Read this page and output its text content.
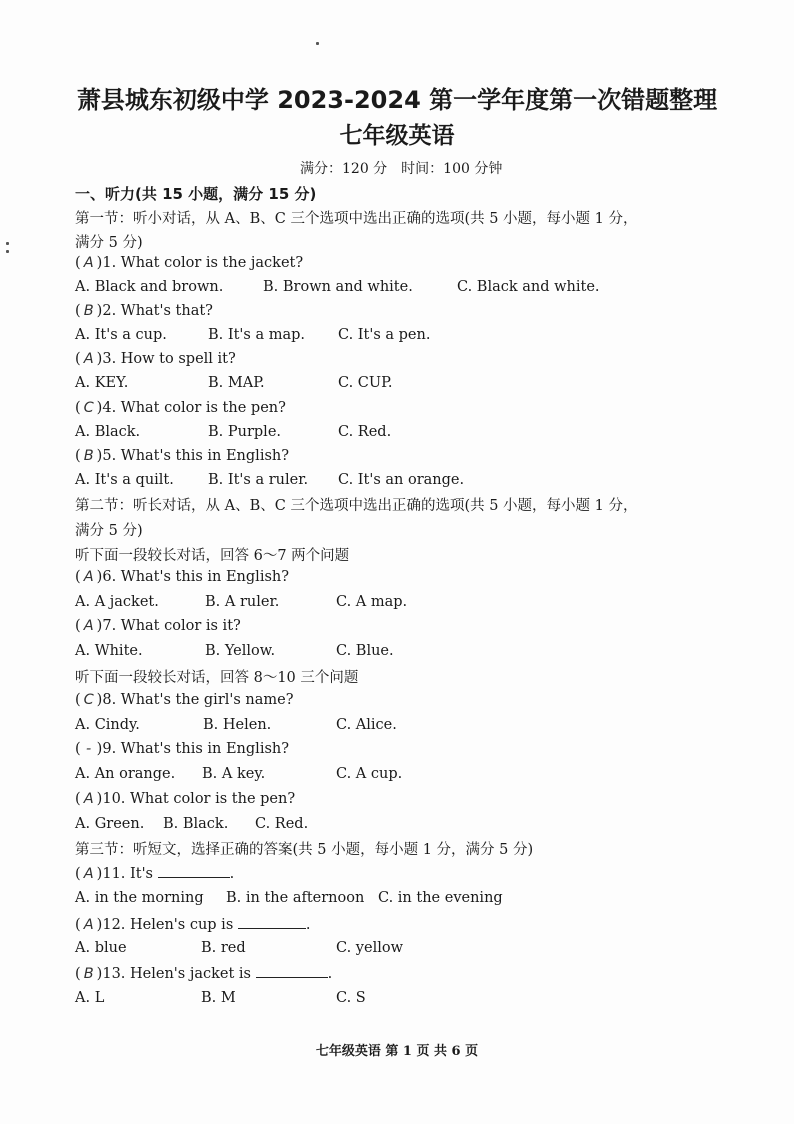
萧县城东初级中学 2023-2024 第一学年度第一次错题整理
七年级英语
满分：120 分　时间：100 分钟
一、听力(共 15 小题，满分 15 分)
第一节：听小对话，从 A、B、C 三个选项中选出正确的选项(共 5 小题，每小题 1 分，
满分 5 分)
( A )1. What color is the jacket?
A. Black and brown.	B. Brown and white.	C. Black and white.
( B )2. What's that?
A. It's a cup.	B. It's a map. C. It's a pen.
( A )3. How to spell it?
A. KEY.	B. MAP.	C. CUP.
( C )4. What color is the pen?
A. Black.	B. Purple.	C. Red.
( B )5. What's this in English?
A. It's a quilt. B. It's a ruler. C. It's an orange.
第二节：听长对话，从 A、B、C 三个选项中选出正确的选项(共 5 小题，每小题 1 分，
满分 5 分)
听下面一段较长对话，回答 6～7 两个问题
( A )6. What's this in English?
A. A jacket.	B. A ruler.	C. A map.
( A )7. What color is it?
A. White.	B. Yellow.	C. Blue.
听下面一段较长对话，回答 8～10 三个问题
( C )8. What's the girl's name?
A. Cindy.	B. Helen.	C. Alice.
( - )9. What's this in English?
A. An orange. B. A key.	C. A cup.
( A )10. What color is the pen?
A. Green. B. Black. C. Red.
第三节：听短文，选择正确的答案(共 5 小题，每小题 1 分，满分 5 分)
( A )11. It's	.
A. in the morning B. in the afternoon C. in the evening
( A )12. Helen's cup is	.
A. blue	B. red	C. yellow
( B )13. Helen's jacket is	.
A. L	B. M	C. S
七年级英语 第 1 页 共 6 页
